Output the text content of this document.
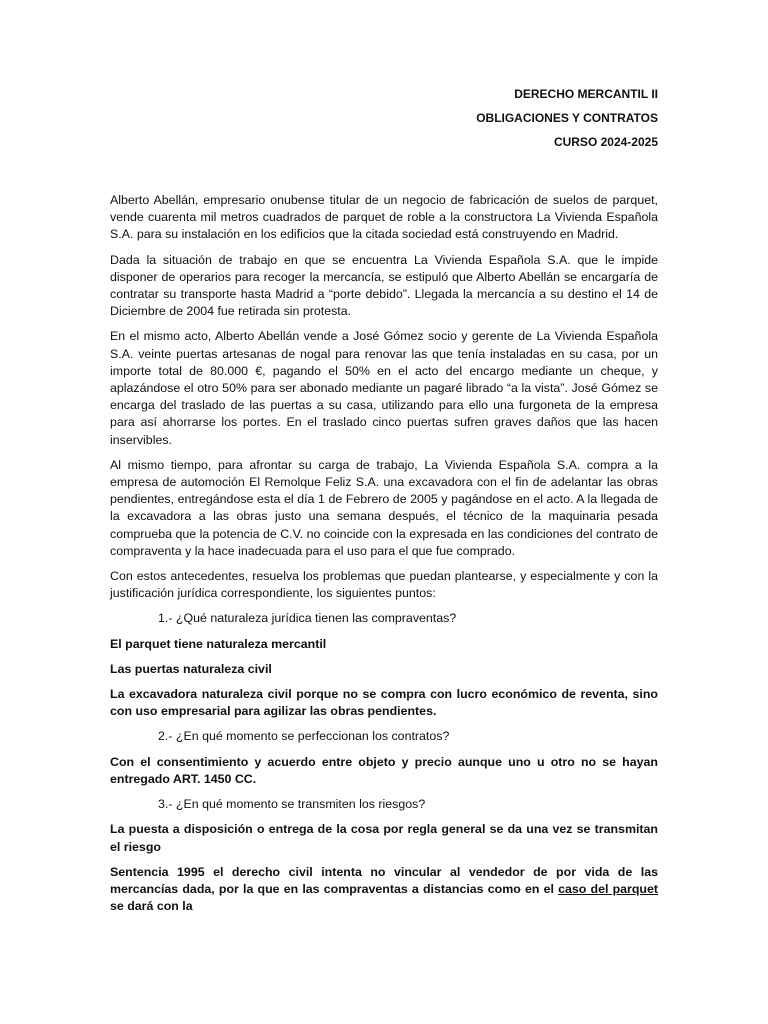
DERECHO MERCANTIL II

OBLIGACIONES Y CONTRATOS

CURSO 2024-2025

Alberto Abellán, empresario onubense titular de un negocio de fabricación de suelos de parquet, vende cuarenta mil metros cuadrados de parquet de roble a la constructora La Vivienda Española S.A. para su instalación en los edificios que la citada sociedad está construyendo en Madrid.

Dada la situación de trabajo en que se encuentra La Vivienda Española S.A. que le impide disponer de operarios para recoger la mercancía, se estipuló que Alberto Abellán se encargaría de contratar su transporte hasta Madrid a “porte debido”. Llegada la mercancía a su destino el 14 de Diciembre de 2004 fue retirada sin protesta.

En el mismo acto, Alberto Abellán vende a José Gómez socio y gerente de La Vivienda Española S.A. veinte puertas artesanas de nogal para renovar las que tenía instaladas en su casa, por un importe total de 80.000 €, pagando el 50% en el acto del encargo mediante un cheque, y aplazándose el otro 50% para ser abonado mediante un pagaré librado “a la vista”. José Gómez se encarga del traslado de las puertas a su casa, utilizando para ello una furgoneta de la empresa para así ahorrarse los portes. En el traslado cinco puertas sufren graves daños que las hacen inservibles.

Al mismo tiempo, para afrontar su carga de trabajo, La Vivienda Española S.A. compra a la empresa de automoción El Remolque Feliz S.A. una excavadora con el fin de adelantar las obras pendientes, entregándose esta el día 1 de Febrero de 2005 y pagándose en el acto. A la llegada de la excavadora a las obras justo una semana después, el técnico de la maquinaria pesada comprueba que la potencia de C.V. no coincide con la expresada en las condiciones del contrato de compraventa y la hace inadecuada para el uso para el que fue comprado.

Con estos antecedentes, resuelva los problemas que puedan plantearse, y especialmente y con la justificación jurídica correspondiente, los siguientes puntos:

1.- ¿Qué naturaleza jurídica tienen las compraventas?

El parquet tiene naturaleza mercantil

Las puertas naturaleza civil

La excavadora naturaleza civil porque no se compra con lucro económico de reventa, sino con uso empresarial para agilizar las obras pendientes.

2.- ¿En qué momento se perfeccionan los contratos?

Con el consentimiento y acuerdo entre objeto y precio aunque uno u otro no se hayan entregado ART. 1450 CC.

3.- ¿En qué momento se transmiten los riesgos?

La puesta a disposición o entrega de la cosa por regla general se da una vez se transmitan el riesgo

Sentencia 1995 el derecho civil intenta no vincular al vendedor de por vida de las mercancías dada, por la que en las compraventas a distancias como en el caso del parquet se dará con la
